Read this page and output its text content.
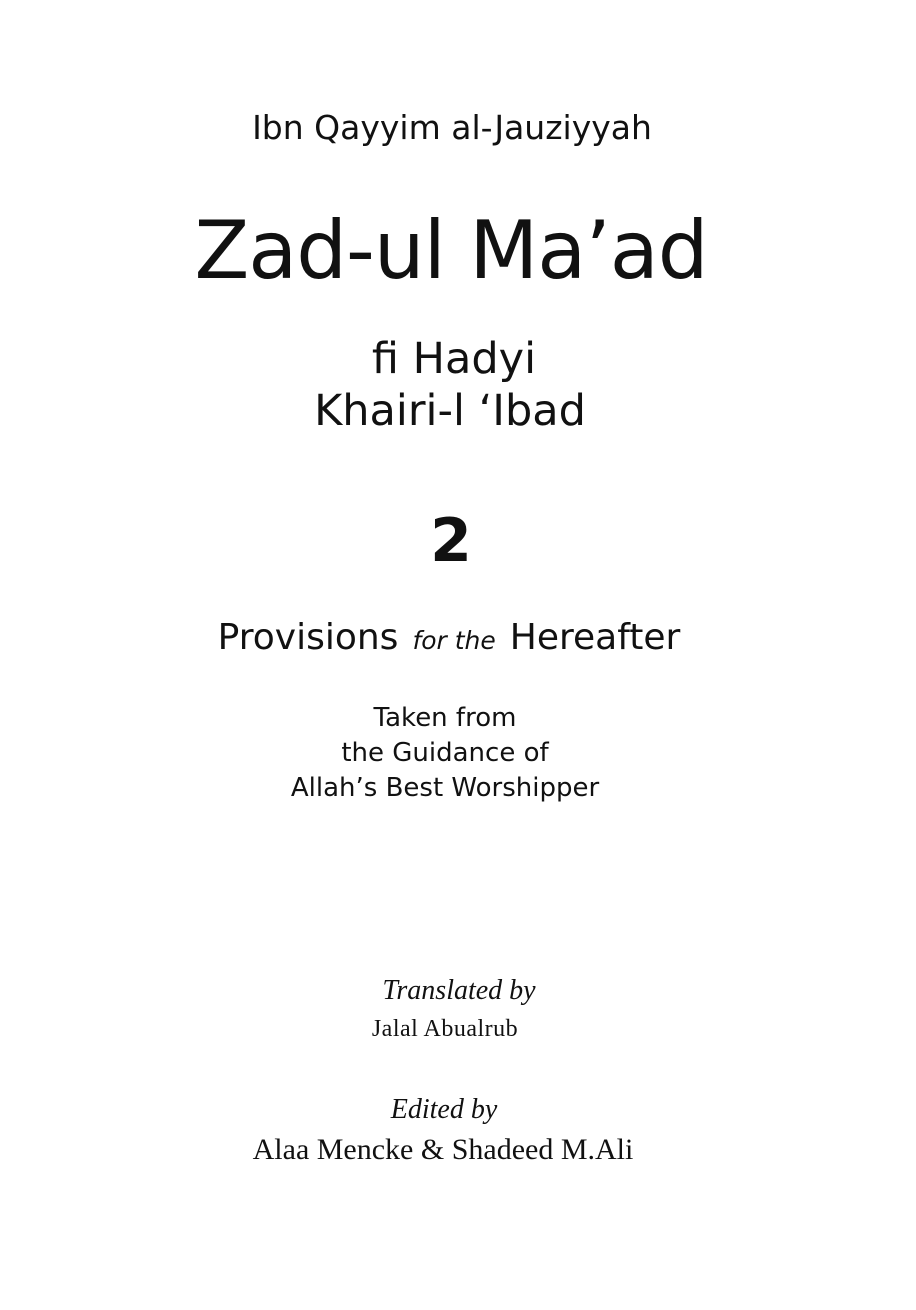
Ibn Qayyim al-Jauziyyah
Zad-ul Ma’ad
fi Hadyi
Khairi-l ‘Ibad
2
Provisions for the Hereafter
Taken from
the Guidance of
Allah’s Best Worshipper
Translated by
Jalal Abualrub
Edited by
Alaa Mencke & Shadeed M.Ali
